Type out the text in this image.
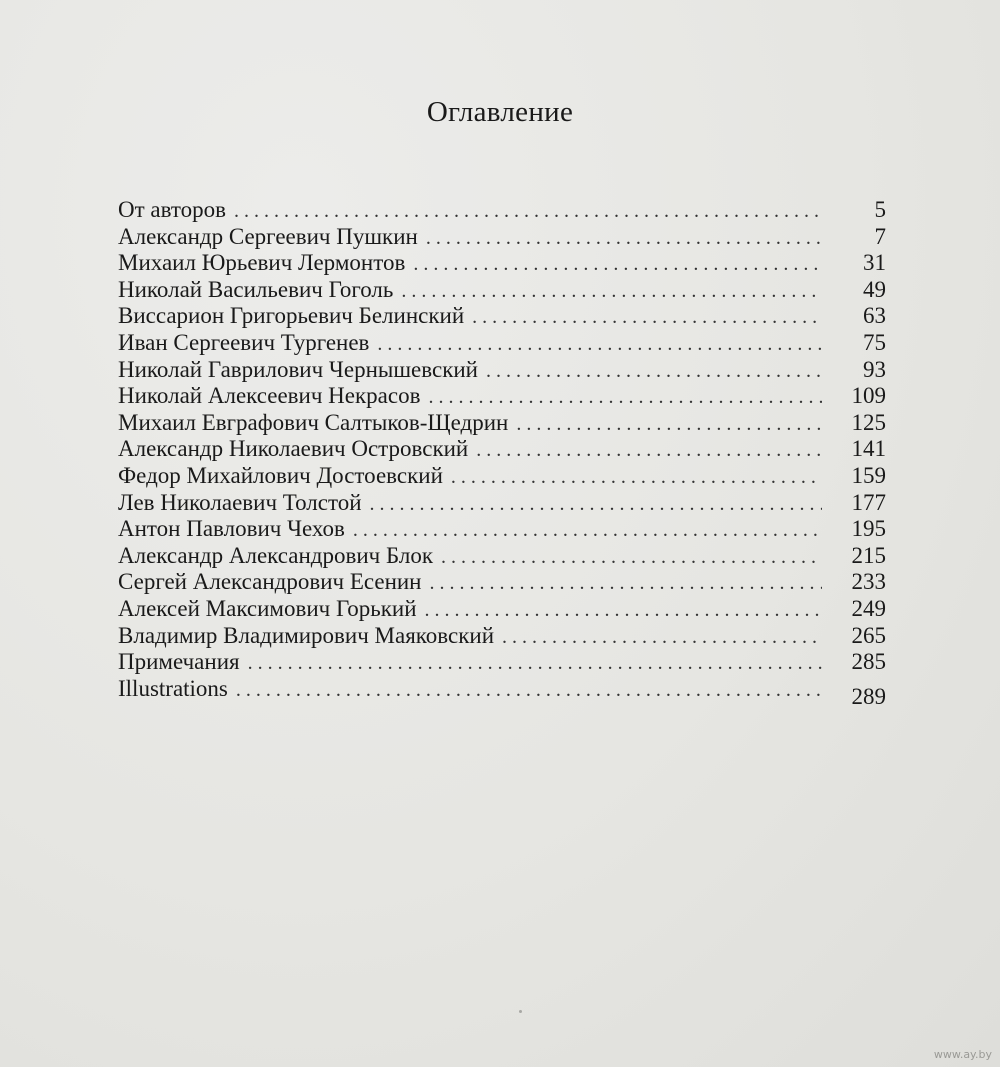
Оглавление
От авторов . . .	5
Александр Сергеевич Пушкин . . .	7
Михаил Юрьевич Лермонтов . . .	31
Николай Васильевич Гоголь . . .	49
Виссарион Григорьевич Белинский . . .	63
Иван Сергеевич Тургенев . . .	75
Николай Гаврилович Чернышевский . . .	93
Николай Алексеевич Некрасов . . .	109
Михаил Евграфович Салтыков-Щедрин . . .	125
Александр Николаевич Островский . . .	141
Федор Михайлович Достоевский . . .	159
Лев Николаевич Толстой . . .	177
Антон Павлович Чехов . . .	195
Александр Александрович Блок . . .	215
Сергей Александрович Есенин . . .	233
Алексей Максимович Горький . . .	249
Владимир Владимирович Маяковский . . .	265
Примечания . . .	285
Illustrations . . .	289
www.ay.by
